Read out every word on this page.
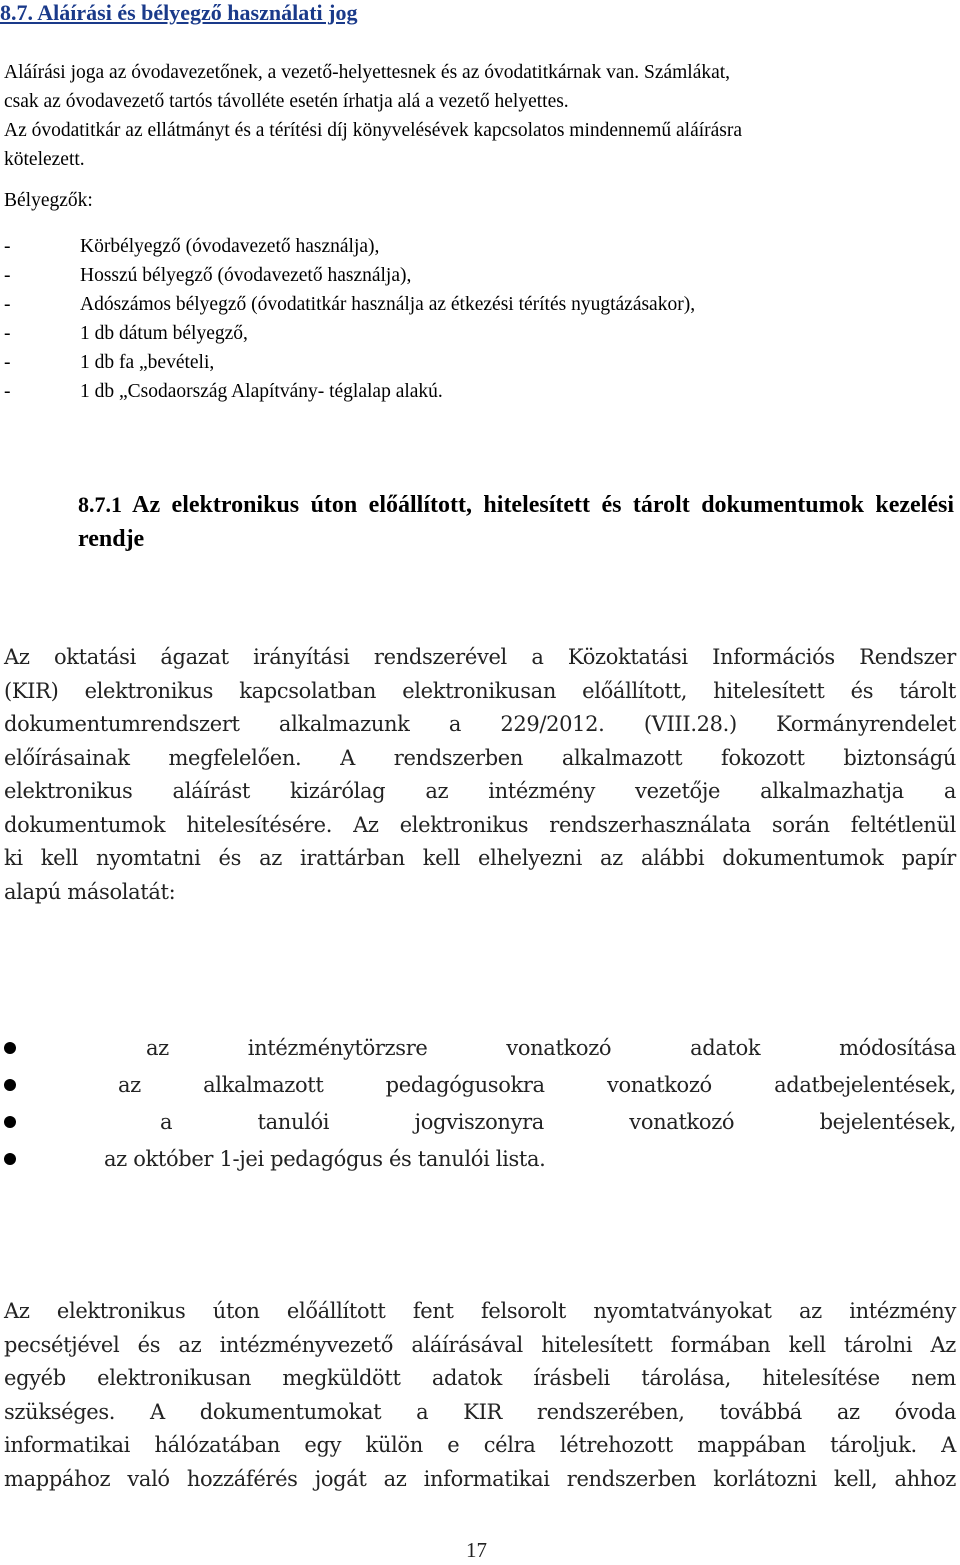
8.7. Aláírási és bélyegző használati jog

Aláírási joga az óvodavezetőnek, a vezető-helyettesnek és az óvodatitkárnak van. Számlákat,

csak az óvodavezető tartós távolléte esetén írhatja alá a vezető helyettes.

Az óvodatitkár az ellátmányt és a térítési díj könyvelésévek kapcsolatos mindennemű aláírásra

kötelezett.

Bélyegzők:

-	Körbélyegző (óvodavezető használja),
-	Hosszú bélyegző (óvodavezető használja),
-	Adószámos bélyegző (óvodatitkár használja az étkezési térítés nyugtázásakor),
-	1 db dátum bélyegző,
-	1 db fa „bevételi,
-	1 db „Csodaország Alapítvány- téglalap alakú.
8.7.1 Az elektronikus úton előállított, hitelesített és tárolt dokumentumok kezelési rendje
Az oktatási ágazat irányítási rendszerével a Közoktatási Információs Rendszer
(KIR) elektronikus kapcsolatban elektronikusan előállított, hitelesített és tárolt
dokumentumrendszert alkalmazunk a 229/2012. (VIII.28.) Kormányrendelet
előírásainak megfelelően. A rendszerben alkalmazott fokozott biztonságú
elektronikus aláírást kizárólag az intézmény vezetője alkalmazhatja a
dokumentumok hitelesítésére. Az elektronikus rendszerhasználata során feltétlenül
ki kell nyomtatni és az irattárban kell elhelyezni az alábbi dokumentumok papír
alapú másolatát:
az intézménytörzsre vonatkozó adatok módosítása
az alkalmazott pedagógusokra vonatkozó adatbejelentések,
a tanulói jogviszonyra vonatkozó bejelentések,
az október 1-jei pedagógus és tanulói lista.
Az elektronikus úton előállított fent felsorolt nyomtatványokat az intézmény
pecsétjével és az intézményvezető aláírásával hitelesített formában kell tárolni Az
egyéb elektronikusan megküldött adatok írásbeli tárolása, hitelesítése nem
szükséges. A dokumentumokat a KIR rendszerében, továbbá az óvoda
informatikai hálózatában egy külön e célra létrehozott mappában tároljuk. A
mappához való hozzáférés jogát az informatikai rendszerben korlátozni kell, ahhoz

17
